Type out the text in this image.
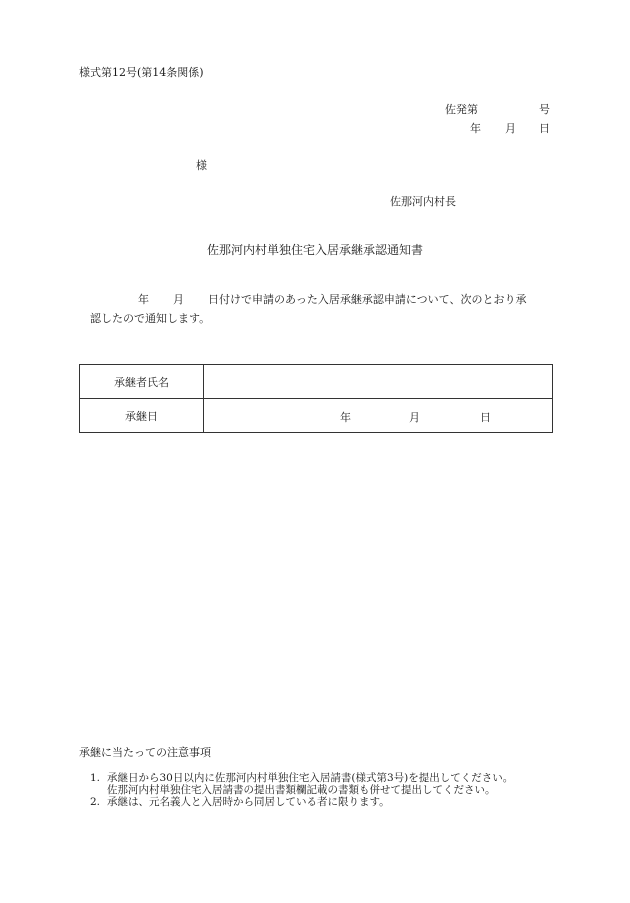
様式第12号(第14条関係)
佐発第	号
年 月 日
様
佐那河内村長
佐那河内村単独住宅入居承継承認通知書
年 月 日付けで申請のあった入居承継承認申請について、次のとおり承
認したので通知します。
承継者氏名	
承継日	年 月 日
承継に当たっての注意事項
1. 承継日から30日以内に佐那河内村単独住宅入居請書(様式第3号)を提出してください。
佐那河内村単独住宅入居請書の提出書類欄記載の書類も併せて提出してください。
2. 承継は、元名義人と入居時から同居している者に限ります。
